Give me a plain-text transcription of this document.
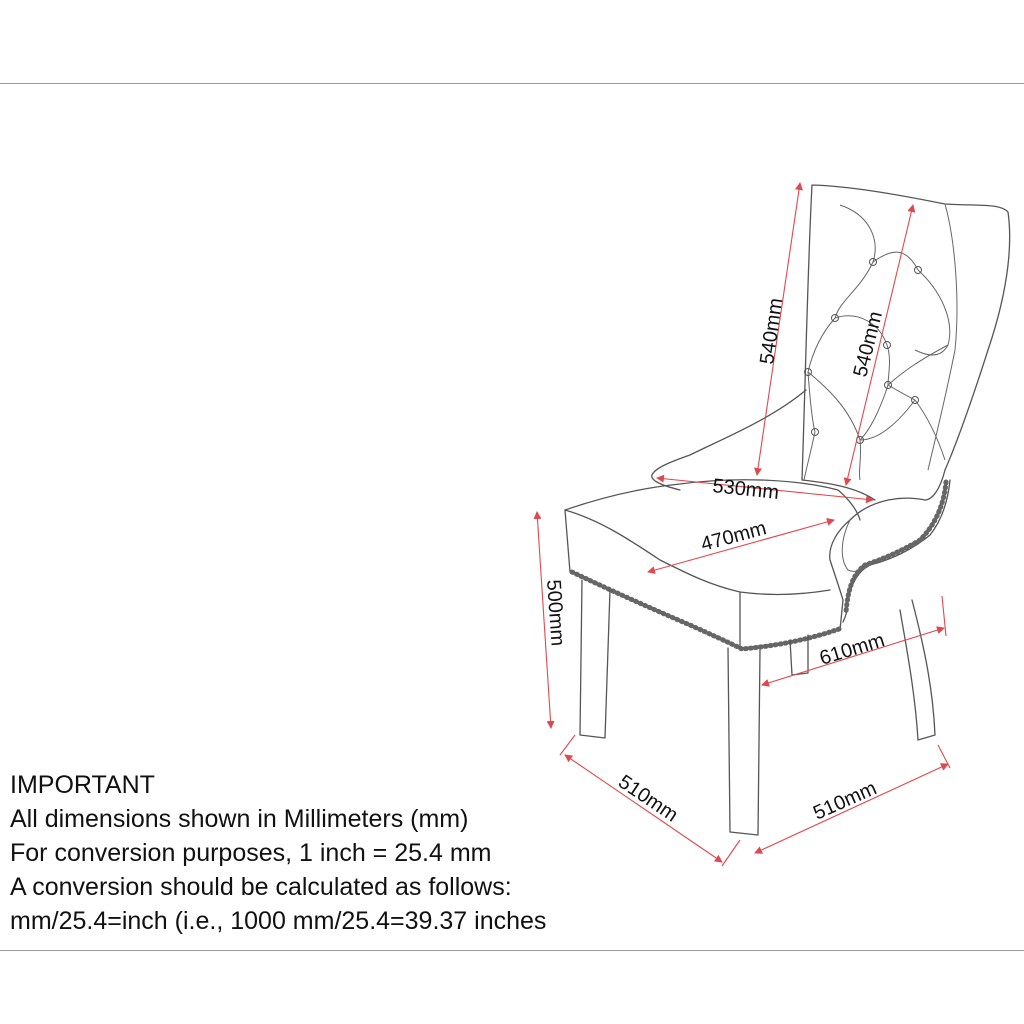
540mm	540mm
530mm
470mm
500mm
610mm
510mm	510mm
IMPORTANT
All dimensions shown in Millimeters (mm)
For conversion purposes, 1 inch = 25.4 mm
A conversion should be calculated as follows:
mm/25.4=inch (i.e., 1000 mm/25.4=39.37 inches
